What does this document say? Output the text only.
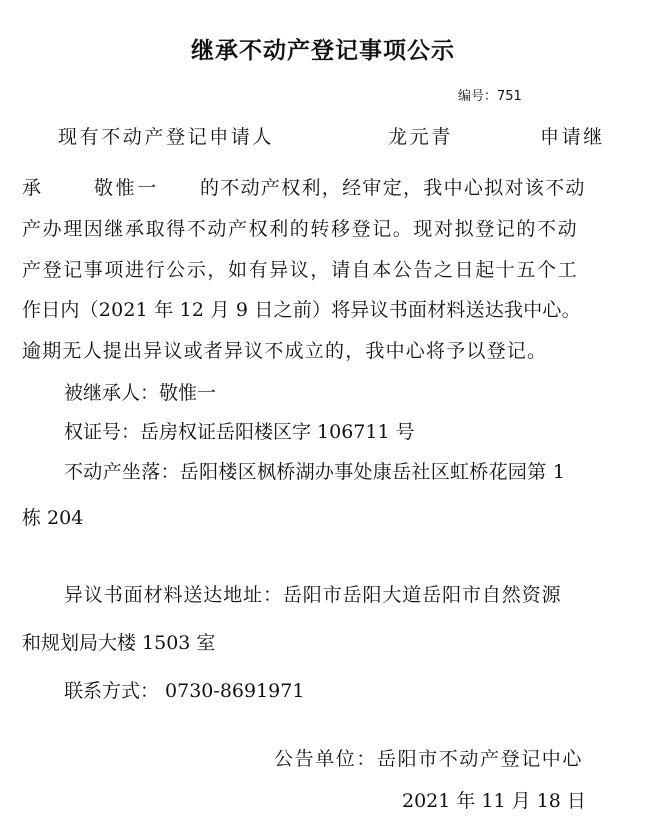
继承不动产登记事项公示
编号：751
现有不动产登记申请人	龙元青	申请继
承	敬惟一 的不动产权利，经审定，我中心拟对该不动
产办理因继承取得不动产权利的转移登记。现对拟登记的不动
产登记事项进行公示，如有异议，请自本公告之日起十五个工
作日内（2021 年 12 月 9 日之前）将异议书面材料送达我中心。
逾期无人提出异议或者异议不成立的，我中心将予以登记。
被继承人：敬惟一
权证号：岳房权证岳阳楼区字 106711 号
不动产坐落：岳阳楼区枫桥湖办事处康岳社区虹桥花园第 1
栋 204
异议书面材料送达地址：岳阳市岳阳大道岳阳市自然资源
和规划局大楼 1503 室
联系方式： 0730-8691971
公告单位：岳阳市不动产登记中心
2021 年 11 月 18 日
